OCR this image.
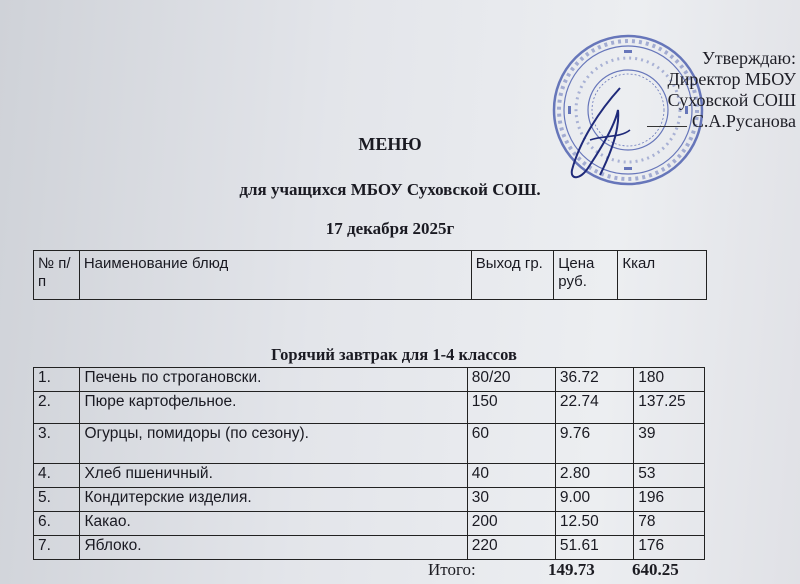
Утверждаю:
Директор МБОУ
Суховской СОШ
С.А.Русанова
МЕНЮ
для учащихся МБОУ Суховской СОШ.
17 декабря 2025г
№ п/п	Наименование блюд	Выход гр.	Цена руб.	Ккал
Горячий завтрак для 1-4 классов
1.	Печень по строгановски.	80/20	36.72	180
2.	Пюре картофельное.	150	22.74	137.25
3.	Огурцы, помидоры (по сезону).	60	9.76	39
4.	Хлеб пшеничный.	40	2.80	53
5.	Кондитерские изделия.	30	9.00	196
6.	Какао.	200	12.50	78
7.	Яблоко.	220	51.61	176
Итого:	149.73 640.25
